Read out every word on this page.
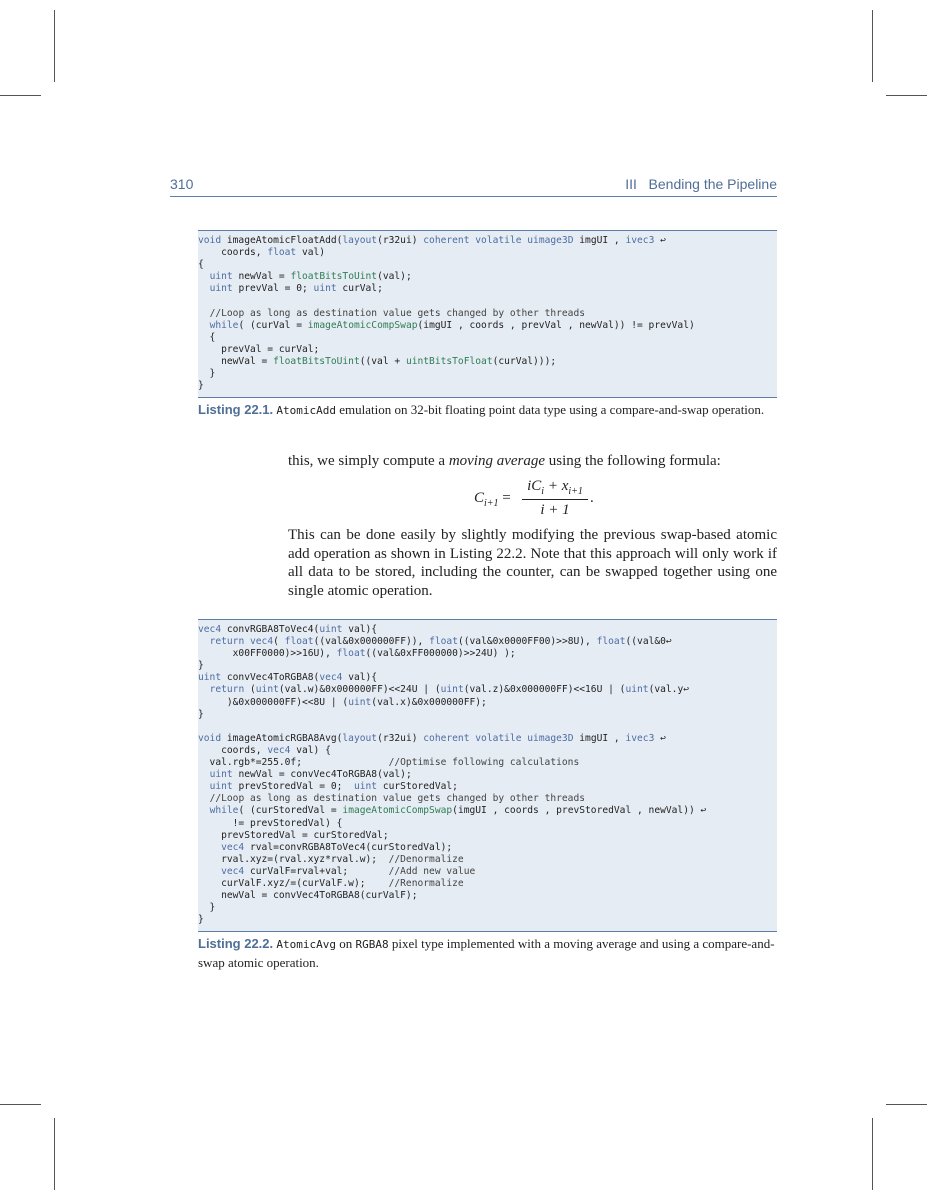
310	III   Bending the Pipeline
void imageAtomicFloatAdd(layout(r32ui) coherent volatile uimage3D imgUI , ivec3 ↩
coords, float val)
{
uint newVal = floatBitsToUint(val);
uint prevVal = 0; uint curVal;
//Loop as long as destination value gets changed by other threads
while( (curVal = imageAtomicCompSwap(imgUI , coords , prevVal , newVal)) != prevVal)
{
prevVal = curVal;
newVal = floatBitsToUint((val + uintBitsToFloat(curVal)));
}
}
Listing 22.1. AtomicAdd emulation on 32-bit floating point data type using a compare-and-swap operation.
this, we simply compute a moving average using the following formula:
$C_{i+1}$ =
$iC_i + x_{i+1}$
i + 1
.
This can be done easily by slightly modifying the previous swap-based atomic add operation as shown in Listing 22.2. Note that this approach will only work if all data to be stored, including the counter, can be swapped together using one single atomic operation.
vec4 convRGBA8ToVec4(uint val){
return vec4( float((val&0x000000FF)), float((val&0x0000FF00)>>8U), float((val&0↩
x00FF0000)>>16U), float((val&0xFF000000)>>24U) );
}
uint convVec4ToRGBA8(vec4 val){
return (uint(val.w)&0x000000FF)<<24U | (uint(val.z)&0x000000FF)<<16U | (uint(val.y↩
)&0x000000FF)<<8U | (uint(val.x)&0x000000FF);
}
void imageAtomicRGBA8Avg(layout(r32ui) coherent volatile uimage3D imgUI , ivec3 ↩
coords, vec4 val) {
val.rgb*=255.0f;               //Optimise following calculations
uint newVal = convVec4ToRGBA8(val);
uint prevStoredVal = 0;  uint curStoredVal;
//Loop as long as destination value gets changed by other threads
while( (curStoredVal = imageAtomicCompSwap(imgUI , coords , prevStoredVal , newVal)) ↩
!= prevStoredVal) {
prevStoredVal = curStoredVal;
vec4 rval=convRGBA8ToVec4(curStoredVal);
rval.xyz=(rval.xyz*rval.w);  //Denormalize
vec4 curValF=rval+val;       //Add new value
curValF.xyz/=(curValF.w);    //Renormalize
newVal = convVec4ToRGBA8(curValF);
}
}
Listing 22.2. AtomicAvg on RGBA8 pixel type implemented with a moving average and using a compare-and-swap atomic operation.
